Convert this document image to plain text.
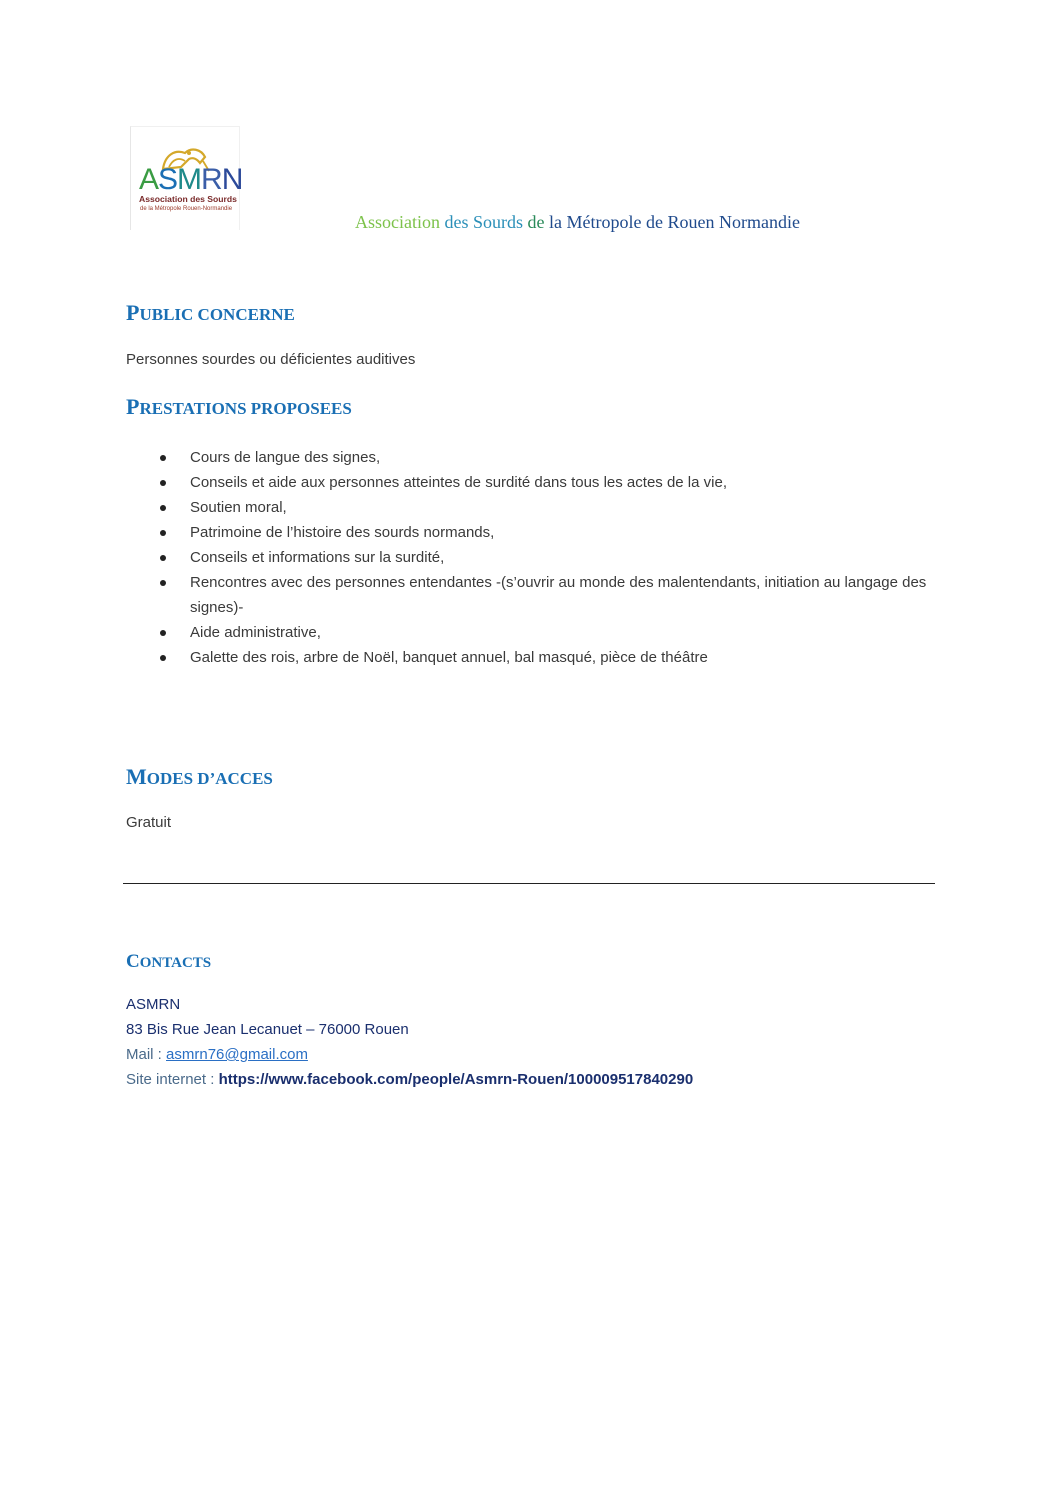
ASMRN
Association des Sourds
de la Métropole Rouen-Normandie
Association des Sourds de la Métropole de Rouen Normandie
PUBLIC CONCERNE
Personnes sourdes ou déficientes auditives
PRESTATIONS PROPOSEES
Cours de langue des signes,
Conseils et aide aux personnes atteintes de surdité dans tous les actes de la vie,
Soutien moral,
Patrimoine de l’histoire des sourds normands,
Conseils et informations sur la surdité,
Rencontres avec des personnes entendantes -(s’ouvrir au monde des malentendants, initiation au langage des signes)-
Aide administrative,
Galette des rois, arbre de Noël, banquet annuel, bal masqué, pièce de théâtre
MODES D’ACCES
Gratuit
CONTACTS
ASMRN
83 Bis Rue Jean Lecanuet – 76000 Rouen
Mail : asmrn76@gmail.com
Site internet : https://www.facebook.com/people/Asmrn-Rouen/100009517840290
